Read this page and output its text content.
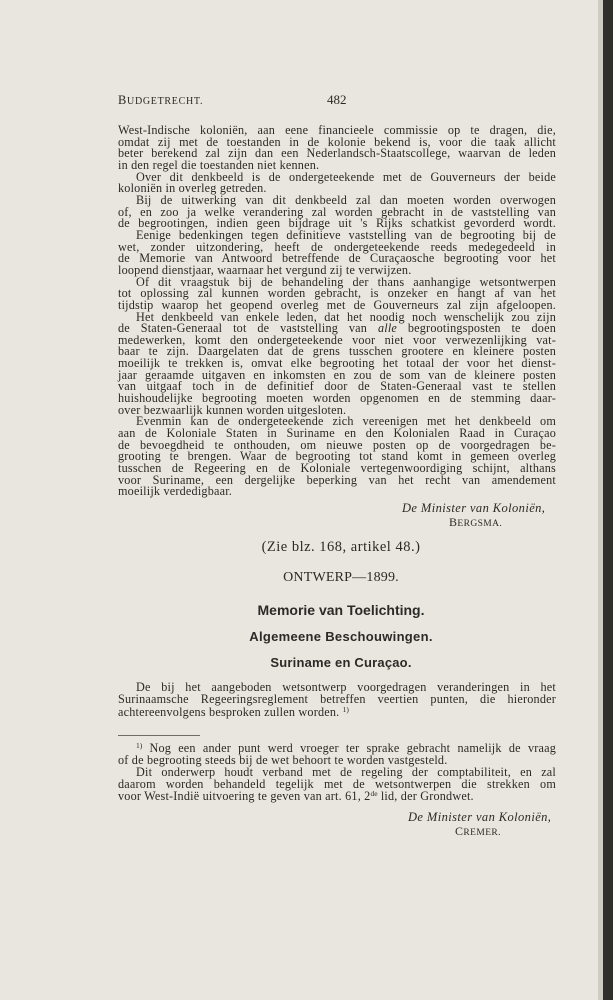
BUDGETRECHT.	482
West-Indische koloniën, aan eene financieele commissie op te dragen, die,
omdat zij met de toestanden in de kolonie bekend is, voor die taak allicht
beter berekend zal zijn dan een Nederlandsch-Staatscollege, waarvan de leden
in den regel die toestanden niet kennen.
Over dit denkbeeld is de ondergeteekende met de Gouverneurs der beide
koloniën in overleg getreden.
Bij de uitwerking van dit denkbeeld zal dan moeten worden overwogen
of, en zoo ja welke verandering zal worden gebracht in de vaststelling van
de begrootingen, indien geen bijdrage uit 's Rijks schatkist gevorderd wordt.
Eenige bedenkingen tegen definitieve vaststelling van de begrooting bij de
wet, zonder uitzondering, heeft de ondergeteekende reeds medegedeeld in
de Memorie van Antwoord betreffende de Curaçaosche begrooting voor het
loopend dienstjaar, waarnaar het vergund zij te verwijzen.
Of dit vraagstuk bij de behandeling der thans aanhangige wetsontwerpen
tot oplossing zal kunnen worden gebracht, is onzeker en hangt af van het
tijdstip waarop het geopend overleg met de Gouverneurs zal zijn afgeloopen.
Het denkbeeld van enkele leden, dat het noodig noch wenschelijk zou zijn
de Staten-Generaal tot de vaststelling van alle begrootingsposten te doen
medewerken, komt den ondergeteekende voor niet voor verwezenlijking vat-
baar te zijn. Daargelaten dat de grens tusschen grootere en kleinere posten
moeilijk te trekken is, omvat elke begrooting het totaal der voor het dienst-
jaar geraamde uitgaven en inkomsten en zou de som van de kleinere posten
van uitgaaf toch in de definitief door de Staten-Generaal vast te stellen
huishoudelijke begrooting moeten worden opgenomen en de stemming daar-
over bezwaarlijk kunnen worden uitgesloten.
Evenmin kan de ondergeteekende zich vereenigen met het denkbeeld om
aan de Koloniale Staten in Suriname en den Kolonialen Raad in Curaçao
de bevoegdheid te onthouden, om nieuwe posten op de voorgedragen be-
grooting te brengen. Waar de begrooting tot stand komt in gemeen overleg
tusschen de Regeering en de Koloniale vertegenwoordiging schijnt, althans
voor Suriname, een dergelijke beperking van het recht van amendement
moeilijk verdedigbaar.
De Minister van Koloniën,
BERGSMA.
(Zie blz. 168, artikel 48.)
ONTWERP—1899.
Memorie van Toelichting.
Algemeene Beschouwingen.
Suriname en Curaçao.
De bij het aangeboden wetsontwerp voorgedragen veranderingen in het
Surinaamsche Regeeringsreglement betreffen veertien punten, die hieronder
achtereenvolgens besproken zullen worden. $^{1)}$
$^{1)}$ Nog een ander punt werd vroeger ter sprake gebracht namelijk de vraag
of de begrooting steeds bij de wet behoort te worden vastgesteld.
Dit onderwerp houdt verband met de regeling der comptabiliteit, en zal
daarom worden behandeld tegelijk met de wetsontwerpen die strekken om
voor West-Indië uitvoering te geven van art. 61, 2de lid, der Grondwet.
De Minister van Koloniën,
CREMER.
